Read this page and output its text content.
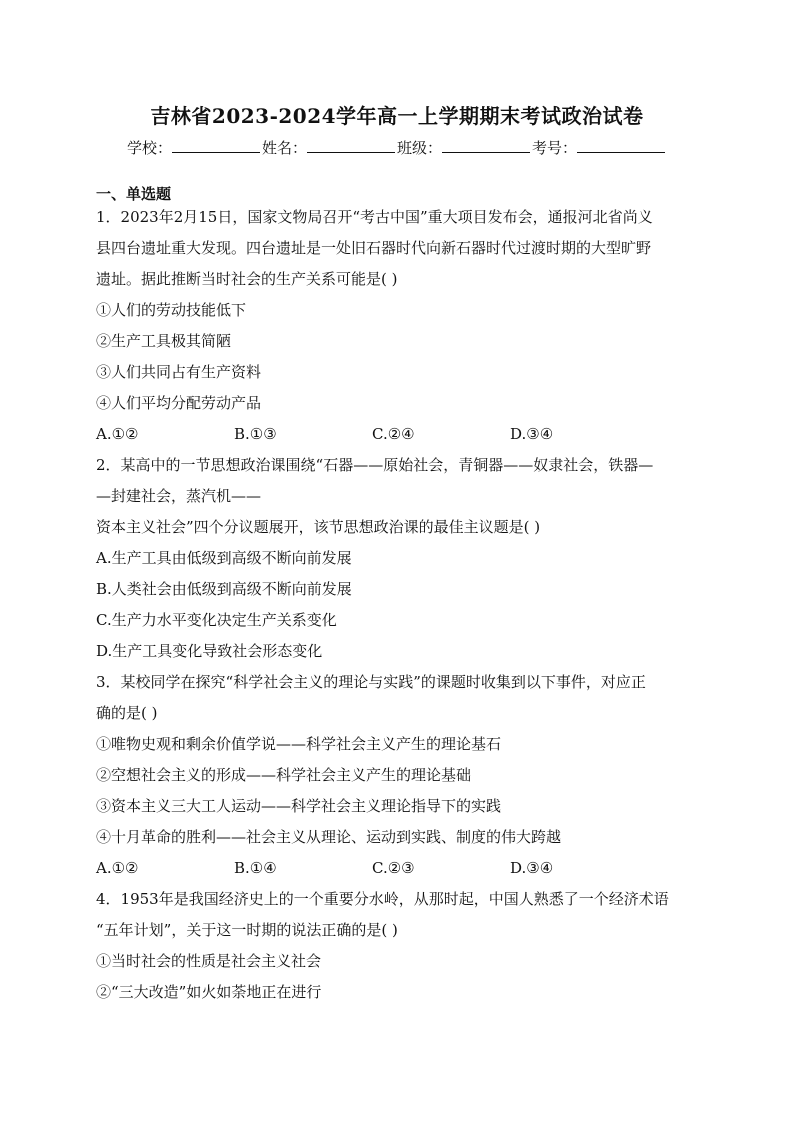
吉林省2023-2024学年高一上学期期末考试政治试卷
学校：	姓名：	班级：	考号：
一、单选题
1．2023年2月15日，国家文物局召开“考古中国”重大项目发布会，通报河北省尚义
县四台遗址重大发现。四台遗址是一处旧石器时代向新石器时代过渡时期的大型旷野
遗址。据此推断当时社会的生产关系可能是( )
①人们的劳动技能低下
②生产工具极其简陋
③人们共同占有生产资料
④人们平均分配劳动产品
A.①②	B.①③	C.②④	D.③④
2．某高中的一节思想政治课围绕“石器——原始社会，青铜器——奴隶社会，铁器—
—封建社会，蒸汽机——
资本主义社会”四个分议题展开，该节思想政治课的最佳主议题是( )
A.生产工具由低级到高级不断向前发展
B.人类社会由低级到高级不断向前发展
C.生产力水平变化决定生产关系变化
D.生产工具变化导致社会形态变化
3．某校同学在探究“科学社会主义的理论与实践”的课题时收集到以下事件，对应正
确的是( )
①唯物史观和剩余价值学说——科学社会主义产生的理论基石
②空想社会主义的形成——科学社会主义产生的理论基础
③资本主义三大工人运动——科学社会主义理论指导下的实践
④十月革命的胜利——社会主义从理论、运动到实践、制度的伟大跨越
A.①②	B.①④	C.②③	D.③④
4．1953年是我国经济史上的一个重要分水岭，从那时起，中国人熟悉了一个经济术语
“五年计划”，关于这一时期的说法正确的是( )
①当时社会的性质是社会主义社会
②“三大改造”如火如荼地正在进行
